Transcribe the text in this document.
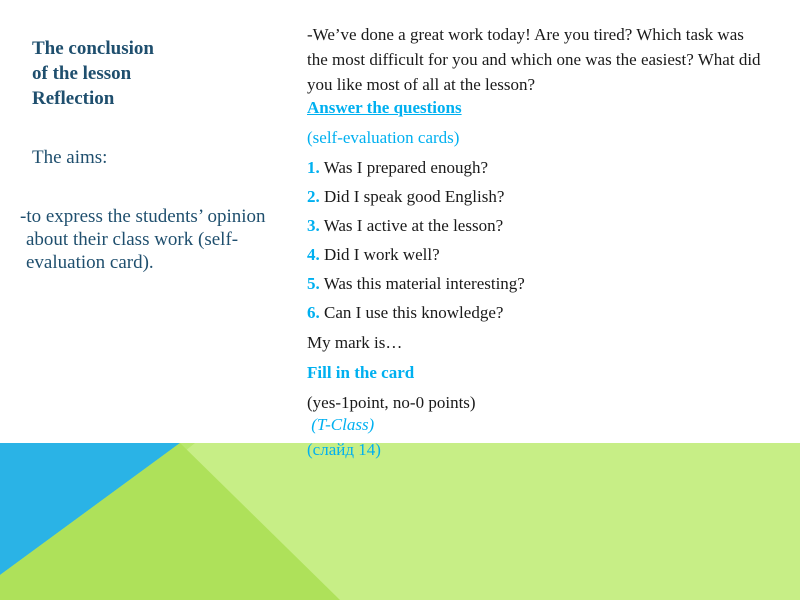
The conclusion
of the lesson
Reflection
The aims:
-to express the students’ opinion about their class work (self-evaluation card).
-We’ve done a great work today! Are you tired? Which task was the most difficult for you and which one was the easiest? What did you like most of all at the lesson?
Answer the questions
(self-evaluation cards)
1. Was I prepared enough?
2. Did I speak good English?
3. Was I active at the lesson?
4. Did I work well?
5. Was this material interesting?
6. Can I use this knowledge?
My mark is…
Fill in the card
(yes-1point, no-0 points)
(T-Class)
(слайд 14)
